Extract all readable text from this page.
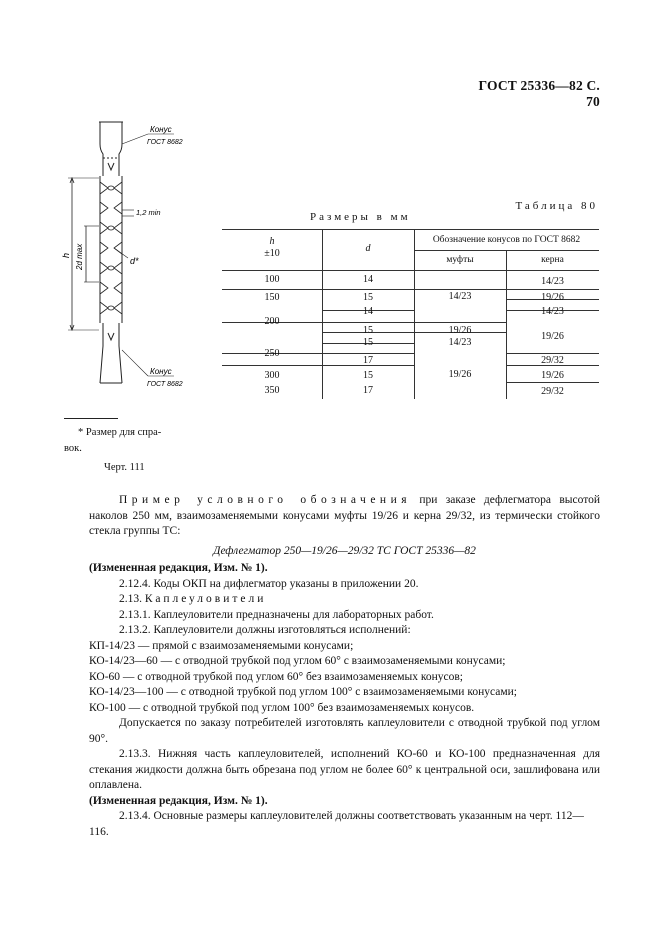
ГОСТ 25336—82 С. 70
Конус
ГОСТ 8682
1,2 min
d*
2d max
h
Конус
ГОСТ 8682
* Размер для спра-
вок.
Черт. 111
Таблица 80
Размеры в мм
h
±10	d
Обозначение конусов по ГОСТ 8682
муфты	керна
100
150
200
250
300
350
14
15
14
15
15
17
15
17
14/23
19/26
14/23
19/26
14/23
19/26
14/23
19/26
29/32
19/26
29/32

Пример условного обозначения при заказе дефлегматора высотой наколов 250 мм, взаимозаменяемыми конусами муфты 19/26 и керна 29/32, из термически стойкого стекла группы ТС:

Дефлегматор 250—19/26—29/32 ТС ГОСТ 25336—82

(Измененная редакция, Изм. № 1).

2.12.4. Коды ОКП на дифлегматор указаны в приложении 20.

2.13. Каплеуловители

2.13.1. Каплеуловители предназначены для лабораторных работ.

2.13.2. Каплеуловители должны изготовляться исполнений:

КП-14/23 — прямой с взаимозаменяемыми конусами;

КО-14/23—60 — с отводной трубкой под углом 60° с взаимозаменяемыми конусами;

КО-60 — с отводной трубкой под углом 60° без взаимозаменяемых конусов;

КО-14/23—100 — с отводной трубкой под углом 100° с взаимозаменяемыми конусами;

КО-100 — с отводной трубкой под углом 100° без взаимозаменяемых конусов.

Допускается по заказу потребителей изготовлять каплеуловители с отводной трубкой под углом 90°.

2.13.3. Нижняя часть каплеуловителей, исполнений КО-60 и КО-100 предназначенная для стекания жидкости должна быть обрезана под углом не более 60° к центральной оси, зашлифована или оплавлена.

(Измененная редакция, Изм. № 1).

2.13.4. Основные размеры каплеуловителей должны соответствовать указанным на черт. 112—116.
